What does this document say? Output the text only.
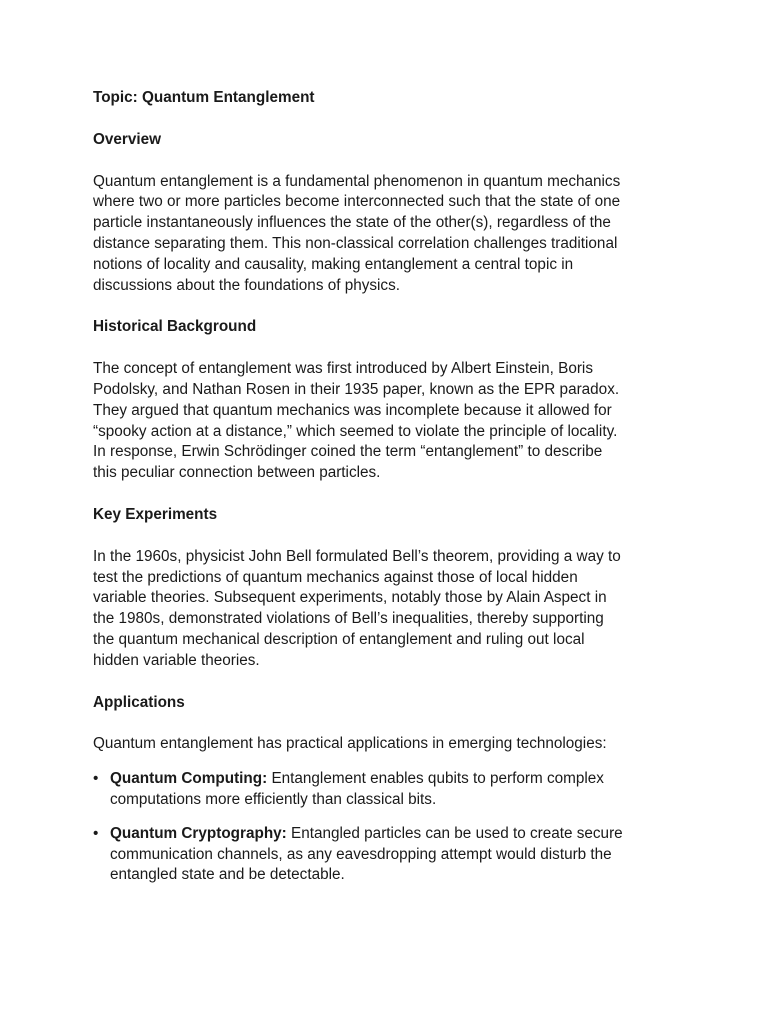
Topic: Quantum Entanglement
Overview
Quantum entanglement is a fundamental phenomenon in quantum mechanics
where two or more particles become interconnected such that the state of one
particle instantaneously influences the state of the other(s), regardless of the
distance separating them. This non-classical correlation challenges traditional
notions of locality and causality, making entanglement a central topic in
discussions about the foundations of physics.
Historical Background
The concept of entanglement was first introduced by Albert Einstein, Boris
Podolsky, and Nathan Rosen in their 1935 paper, known as the EPR paradox.
They argued that quantum mechanics was incomplete because it allowed for
“spooky action at a distance,” which seemed to violate the principle of locality.
In response, Erwin Schrödinger coined the term “entanglement” to describe
this peculiar connection between particles.
Key Experiments
In the 1960s, physicist John Bell formulated Bell’s theorem, providing a way to
test the predictions of quantum mechanics against those of local hidden
variable theories. Subsequent experiments, notably those by Alain Aspect in
the 1980s, demonstrated violations of Bell’s inequalities, thereby supporting
the quantum mechanical description of entanglement and ruling out local
hidden variable theories.
Applications
Quantum entanglement has practical applications in emerging technologies:
• Quantum Computing: Entanglement enables qubits to perform complex
computations more efficiently than classical bits.
• Quantum Cryptography: Entangled particles can be used to create secure
communication channels, as any eavesdropping attempt would disturb the
entangled state and be detectable.
